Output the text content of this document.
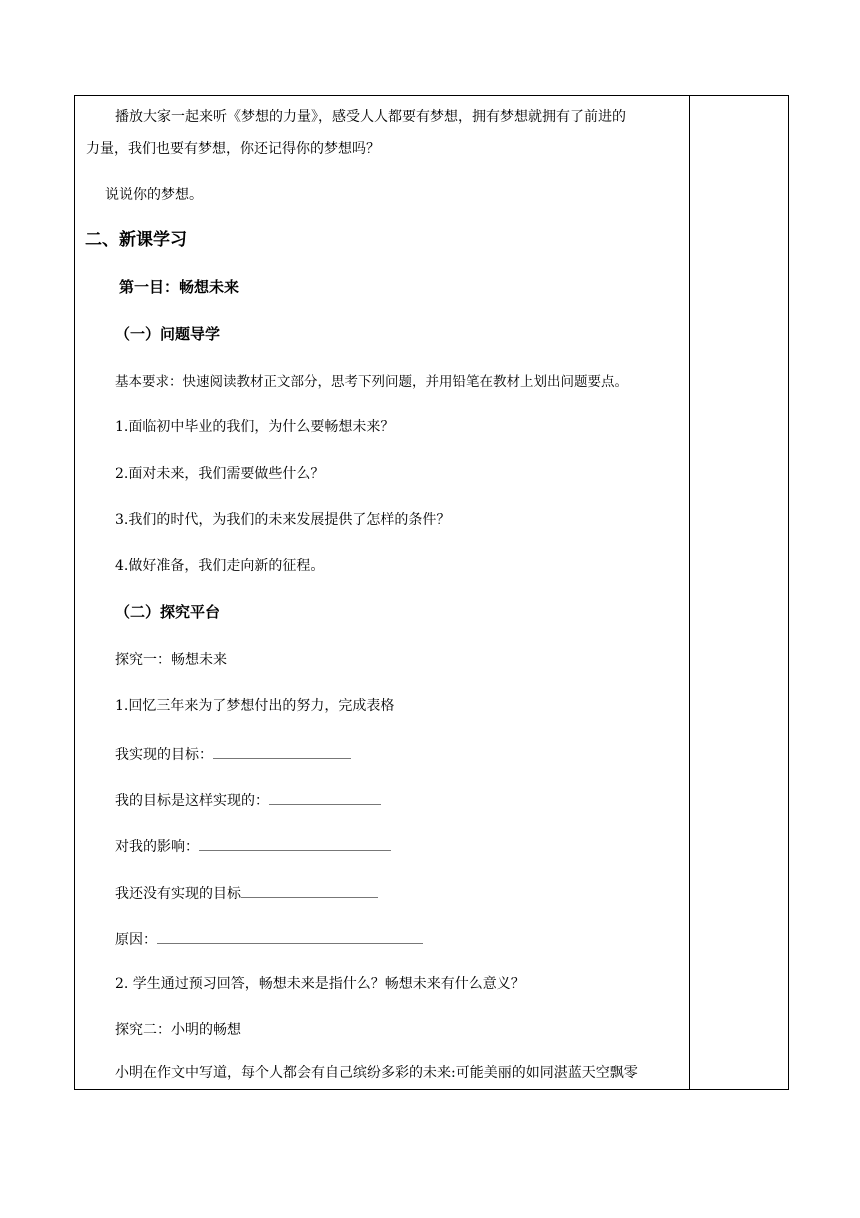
播放大家一起来听《梦想的力量》，感受人人都要有梦想，拥有梦想就拥有了前进的
力量，我们也要有梦想，你还记得你的梦想吗？
说说你的梦想。
二、新课学习
第一目：畅想未来
（一）问题导学
基本要求：快速阅读教材正文部分，思考下列问题，并用铅笔在教材上划出问题要点。
1.面临初中毕业的我们，为什么要畅想未来？
2.面对未来，我们需要做些什么？
3.我们的时代，为我们的未来发展提供了怎样的条件？
4.做好准备，我们走向新的征程。
（二）探究平台
探究一：畅想未来
1.回忆三年来为了梦想付出的努力，完成表格
我实现的目标：
我的目标是这样实现的：
对我的影响：
我还没有实现的目标
原因：
2. 学生通过预习回答，畅想未来是指什么？畅想未来有什么意义？
探究二：小明的畅想
小明在作文中写道，每个人都会有自己缤纷多彩的未来:可能美丽的如同湛蓝天空飘零
